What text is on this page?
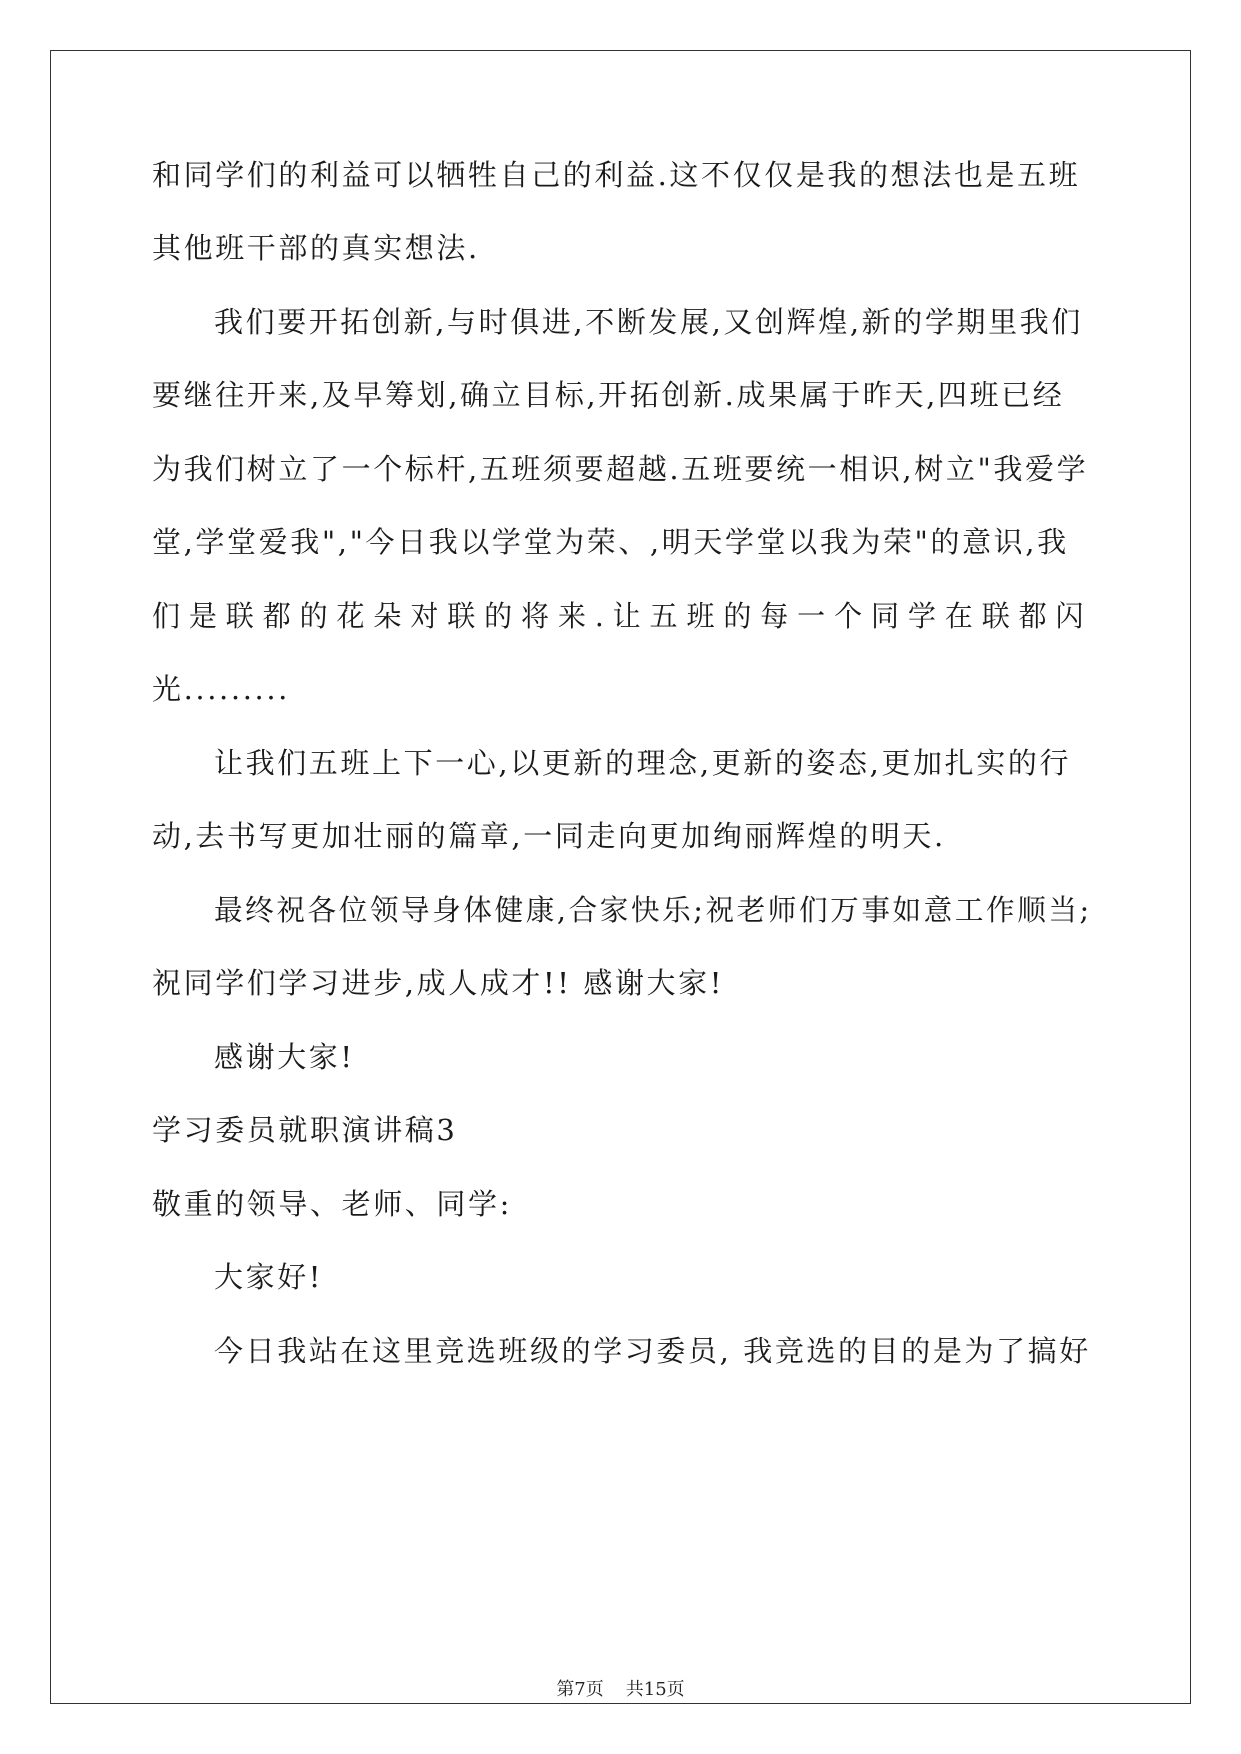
和同学们的利益可以牺牲自己的利益.这不仅仅是我的想法也是五班
其他班干部的真实想法.
我们要开拓创新,与时俱进,不断发展,又创辉煌,新的学期里我们
要继往开来,及早筹划,确立目标,开拓创新.成果属于昨天,四班已经
为我们树立了一个标杆,五班须要超越.五班要统一相识,树立"我爱学
堂,学堂爱我","今日我以学堂为荣、,明天学堂以我为荣"的意识,我
们是联都的花朵对联的将来.让五班的每一个同学在联都闪
光.........
让我们五班上下一心,以更新的理念,更新的姿态,更加扎实的行
动,去书写更加壮丽的篇章,一同走向更加绚丽辉煌的明天.
最终祝各位领导身体健康,合家快乐;祝老师们万事如意工作顺当;
祝同学们学习进步,成人成才!! 感谢大家!
感谢大家!
学习委员就职演讲稿3
敬重的领导、老师、同学:
大家好!
今日我站在这里竞选班级的学习委员, 我竞选的目的是为了搞好
第7页 共15页
